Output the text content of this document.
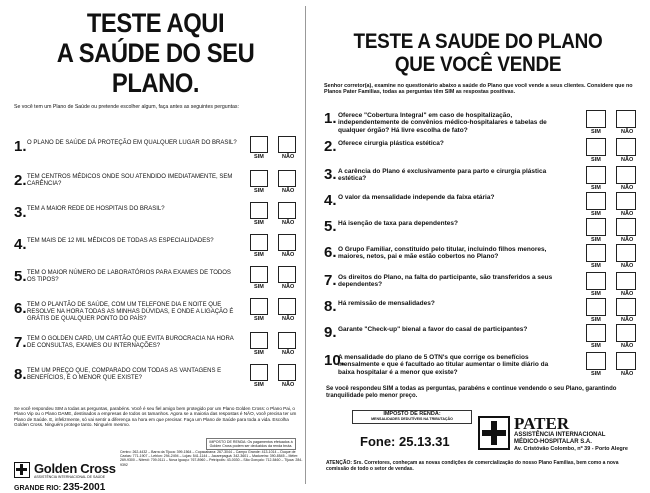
TESTE AQUI
A SAÚDE DO SEU
PLANO.
Se você tem um Plano de Saúde ou pretende escolher algum, faça antes as seguintes perguntas:
1. O PLANO DE SAÚDE DÁ PROTEÇÃO EM QUALQUER LUGAR DO BRASIL?
SIM	NÃO
2. TEM CENTROS MÉDICOS ONDE SOU ATENDIDO IMEDIATAMENTE, SEM CARÊNCIA?
SIM	NÃO
3. TEM A MAIOR REDE DE HOSPITAIS DO BRASIL?
SIM	NÃO
4. TEM MAIS DE 12 MIL MÉDICOS DE TODAS AS ESPECIALIDADES?
SIM	NÃO
5. TEM O MAIOR NÚMERO DE LABORATÓRIOS PARA EXAMES DE TODOS OS TIPOS?
SIM	NÃO
6. TEM O PLANTÃO DE SAÚDE, COM UM TELEFONE DIA E NOITE QUE RESOLVE NA HORA TODAS AS MINHAS DÚVIDAS, E ONDE A LIGAÇÃO É GRÁTIS DE QUALQUER PONTO DO PAÍS?	SIM	NÃO
7. TEM O GOLDEN CARD, UM CARTÃO QUE EVITA BUROCRACIA NA HORA DE CONSULTAS, EXAMES OU INTERNAÇÕES?
SIM	NÃO
8. TEM UM PREÇO QUE, COMPARADO COM TODAS AS VANTAGENS E BENEFÍCIOS, É O MENOR QUE EXISTE?
SIM	NÃO
Se você respondeu SIM a todas as perguntas, parabéns. Você é seu fiel amigo bem protegido por um Plano Golden Cross: o Plano Pai, o Plano Vip ou o Plano DAME, destinados a empresas de todos os tamanhos. Agora se a maioria das respostas é NÃO, você precisa ter um Plano de Saúde. E, infelizmente, só vai sentir a diferença na hora em que precisar. Faça um Plano de Saúde para toda a vida. Escolha Golden Cross. Ninguém protege tanto. Ninguém mesmo.
IMPOSTO DE RENDA: Os pagamentos efetuados à Golden Cross podem ser deduzidos da renda bruta.
Golden Cross
ASSISTÊNCIA INTERNACIONAL DE SAÚDE
GRANDE RIO: 235-2001
Centro: 262-4432 – Barra da Tijuca: 399-1564 – Copacabana: 267-3044 – Campo Grande: 413-1014 – Duque de Caxias: 771-1907 – Leblon: 294-2494 – Lojas: 541-1144 – Jacarepaguá: 342-3601 – Madureira: 390-8545 – Méier: 269-9300 – Niterói: 709-0111 – Nova Iguaçu: 767-8960 – Petrópolis: 43-0030 – São Gonçalo: 712-5460 – Tijuca: 284-9392
TESTE A SAUDE DO PLANO
QUE VOCÊ VENDE
Senhor corretor(a), examine no questionário abaixo a saúde do Plano que você vende a seus clientes. Considere que no Planos Pater Familias, todas as perguntas têm SIM as respostas positivas.
1. Oferece "Cobertura Integral" em caso de hospitalização, independentemente de convênios médico-hospitalares e tabelas de qualquer órgão? Há livre escolha de fato?	SIM	NÃO
2. Oferece cirurgia plástica estética?
SIM	NÃO
3. A carência do Plano é exclusivamente para parto e cirurgia plástica estética?
SIM	NÃO
4. O valor da mensalidade independe da faixa etária?
SIM	NÃO
5. Há isenção de taxa para dependentes?
SIM	NÃO
6. O Grupo Familiar, constituído pelo titular, incluindo filhos menores, maiores, netos, pai e mãe estão cobertos no Plano?
SIM	NÃO
7. Os direitos do Plano, na falta do participante, são transferidos a seus dependentes?
SIM	NÃO
8. Há remissão de mensalidades?
SIM	NÃO
9. Garante "Check-up" bienal a favor do casal de participantes?
SIM	NÃO
10.
A mensalidade do plano de 5 OTN's que corrige os benefícios mensalmente e que é facultado ao titular aumentar o limite diário da baixa hospitalar é a menor que existe?	SIM	NÃO
Se você respondeu SIM a todas as perguntas, parabéns e continue vendendo o seu Plano, garantindo tranquilidade pelo menor preço.
IMPOSTO DE RENDA:
MENSALIDADES DEDUTÍVEIS NA TRIBUTAÇÃO
Fone: 25.13.31
PATER
ASSISTÊNCIA INTERNACIONAL
MÉDICO-HOSPITALAR S.A.
Av. Cristóvão Colombo, nº 39 - Porto Alegre
ATENÇÃO: Srs. Corretores, conheçam as novas condições de comercialização do nosso Plano Familias, bem como a nova comissão de todo o setor de vendas.
